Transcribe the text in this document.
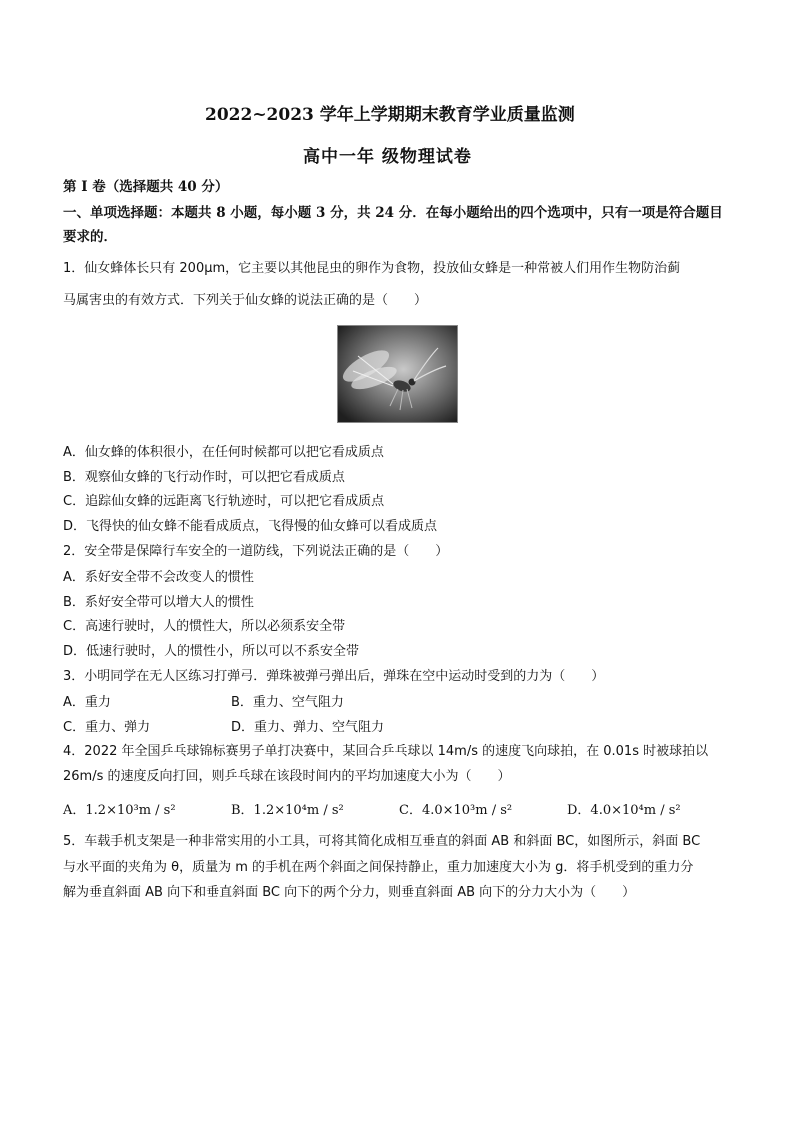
2022~2023 学年上学期期末教育学业质量监测
高中一年 级物理试卷
第 I 卷（选择题共 40 分）
一、单项选择题：本题共 8 小题，每小题 3 分，共 24 分．在每小题给出的四个选项中，只有一项是符合题目
要求的．
1．仙女蜂体长只有 200μm，它主要以其他昆虫的卵作为食物，投放仙女蜂是一种常被人们用作生物防治蓟
马属害虫的有效方式．下列关于仙女蜂的说法正确的是（　　）
A．仙女蜂的体积很小，在任何时候都可以把它看成质点
B．观察仙女蜂的飞行动作时，可以把它看成质点
C．追踪仙女蜂的远距离飞行轨迹时，可以把它看成质点
D．飞得快的仙女蜂不能看成质点，飞得慢的仙女蜂可以看成质点
2．安全带是保障行车安全的一道防线，下列说法正确的是（　　）
A．系好安全带不会改变人的惯性
B．系好安全带可以增大人的惯性
C．高速行驶时，人的惯性大，所以必须系安全带
D．低速行驶时，人的惯性小，所以可以不系安全带
3．小明同学在无人区练习打弹弓．弹珠被弹弓弹出后，弹珠在空中运动时受到的力为（　　）
A．重力	B．重力、空气阻力
C．重力、弹力	D．重力、弹力、空气阻力
4．2022 年全国乒乓球锦标赛男子单打决赛中，某回合乒乓球以 14m/s 的速度飞向球拍，在 0.01s 时被球拍以
26m/s 的速度反向打回，则乒乓球在该段时间内的平均加速度大小为（　　）
A．1.2×10³m / s²	B．1.2×10⁴m / s²	C．4.0×10³m / s²	D．4.0×10⁴m / s²
5．车载手机支架是一种非常实用的小工具，可将其简化成相互垂直的斜面 AB 和斜面 BC，如图所示，斜面 BC
与水平面的夹角为 θ，质量为 m 的手机在两个斜面之间保持静止，重力加速度大小为 g．将手机受到的重力分
解为垂直斜面 AB 向下和垂直斜面 BC 向下的两个分力，则垂直斜面 AB 向下的分力大小为（　　）
